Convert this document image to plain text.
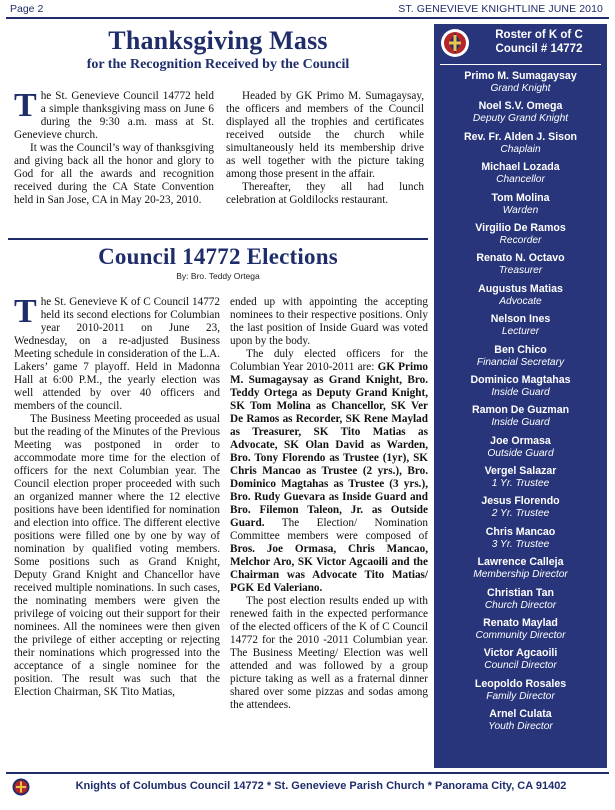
Page 2	ST. GENEVIEVE KNIGHTLINE JUNE 2010
Thanksgiving Mass
for the Recognition Received by the Council

The St. Genevieve Council 14772 held a simple thanksgiving mass on June 6 during the 9:30 a.m. mass at St. Genevieve church.

It was the Council’s way of thanksgiving and giving back all the honor and glory to God for all the awards and recognition received during the CA State Convention held in San Jose, CA in May 20-23, 2010.

Headed by GK Primo M. Sumagaysay, the officers and members of the Council displayed all the trophies and certificates received outside the church while simultaneously held its membership drive as well together with the picture taking among those present in the affair.

Thereafter, they all had lunch celebration at Goldilocks restaurant.

Council 14772 Elections
By: Bro. Teddy Ortega

The St. Genevieve K of C Council 14772 held its second elections for Columbian year 2010-2011 on June 23, Wednesday, on a re-adjusted Business Meeting schedule in consideration of the L.A. Lakers’ game 7 playoff. Held in Madonna Hall at 6:00 P.M., the yearly election was well attended by over 40 officers and members of the council.

The Business Meeting proceeded as usual but the reading of the Minutes of the Previous Meeting was postponed in order to accommodate more time for the election of officers for the next Columbian year. The Council election proper proceeded with such an organized manner where the 12 elective positions have been identified for nomination and election into office. The different elective positions were filled one by one by way of nomination by qualified voting members. Some positions such as Grand Knight, Deputy Grand Knight and Chancellor have received multiple nominations. In such cases, the nominating members were given the privilege of voicing out their support for their nominees. All the nominees were then given the privilege of either accepting or rejecting their nominations which progressed into the acceptance of a single nominee for the position. The result was such that the Election Chairman, SK Tito Matias,

ended up with appointing the accepting nominees to their respective positions. Only the last position of Inside Guard was voted upon by the body.

The duly elected officers for the Columbian Year 2010-2011 are: GK Primo M. Sumagaysay as Grand Knight, Bro. Teddy Ortega as Deputy Grand Knight, SK Tom Molina as Chancellor, SK Ver De Ramos as Recorder, SK Rene Maylad as Treasurer, SK Tito Matias as Advocate, SK Olan David as Warden, Bro. Tony Florendo as Trustee (1yr), SK Chris Mancao as Trustee (2 yrs.), Bro. Dominico Magtahas as Trustee (3 yrs.), Bro. Rudy Guevara as Inside Guard and Bro. Filemon Taleon, Jr. as Outside Guard. The Election/ Nomination Committee members were composed of Bros. Joe Ormasa, Chris Mancao, Melchor Aro, SK Victor Agcaoili and the Chairman was Advocate Tito Matias/ PGK Ed Valeriano.

The post election results ended up with renewed faith in the expected performance of the elected officers of the K of C Council 14772 for the 2010 -2011 Columbian year. The Business Meeting/ Election was well attended and was followed by a group picture taking as well as a fraternal dinner shared over some pizzas and sodas among the attendees.

Roster of K of C
Council # 14772
Primo M. Sumagaysay
Grand Knight
Noel S.V. Omega
Deputy Grand Knight
Rev. Fr. Alden J. Sison
Chaplain
Michael Lozada
Chancellor
Tom Molina
Warden
Virgilio De Ramos
Recorder
Renato N. Octavo
Treasurer
Augustus Matias
Advocate
Nelson Ines
Lecturer
Ben Chico
Financial Secretary
Dominico Magtahas
Inside Guard
Ramon De Guzman
Inside Guard
Joe Ormasa
Outside Guard
Vergel Salazar
1 Yr. Trustee
Jesus Florendo
2 Yr. Trustee
Chris Mancao
3 Yr. Trustee
Lawrence Calleja
Membership Director
Christian Tan
Church Director
Renato Maylad
Community Director
Victor Agcaoili
Council Director
Leopoldo Rosales
Family Director
Arnel Culata
Youth Director
Knights of Columbus Council 14772 * St. Genevieve Parish Church * Panorama City, CA 91402
